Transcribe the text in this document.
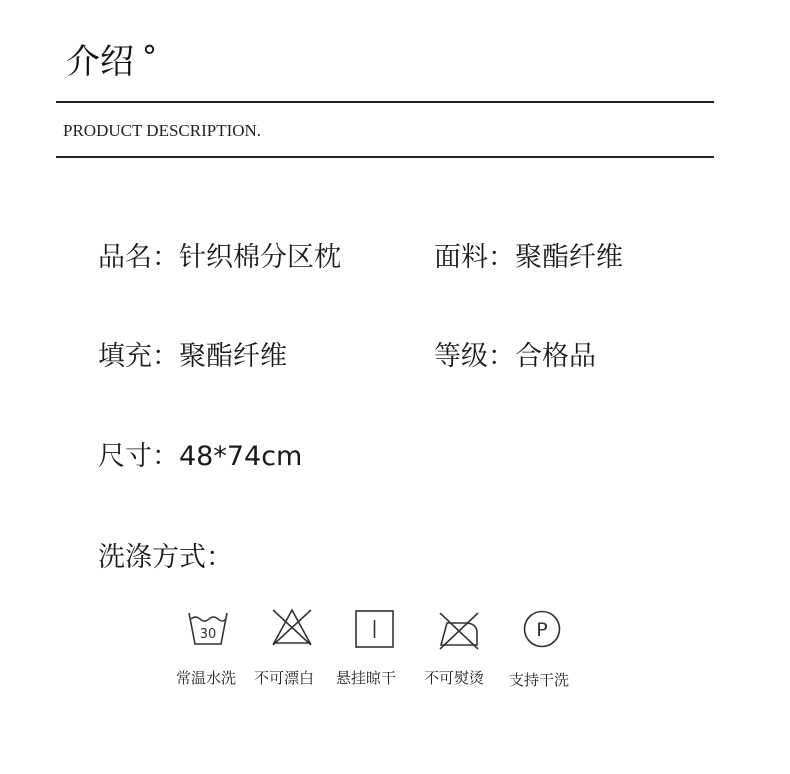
介绍 °
PRODUCT DESCRIPTION.
品名：针织棉分区枕	面料：聚酯纤维
填充：聚酯纤维	等级：合格品
尺寸：48*74cm
洗涤方式：
30	P
常温水洗 不可漂白 悬挂晾干 不可熨烫 支持干洗
